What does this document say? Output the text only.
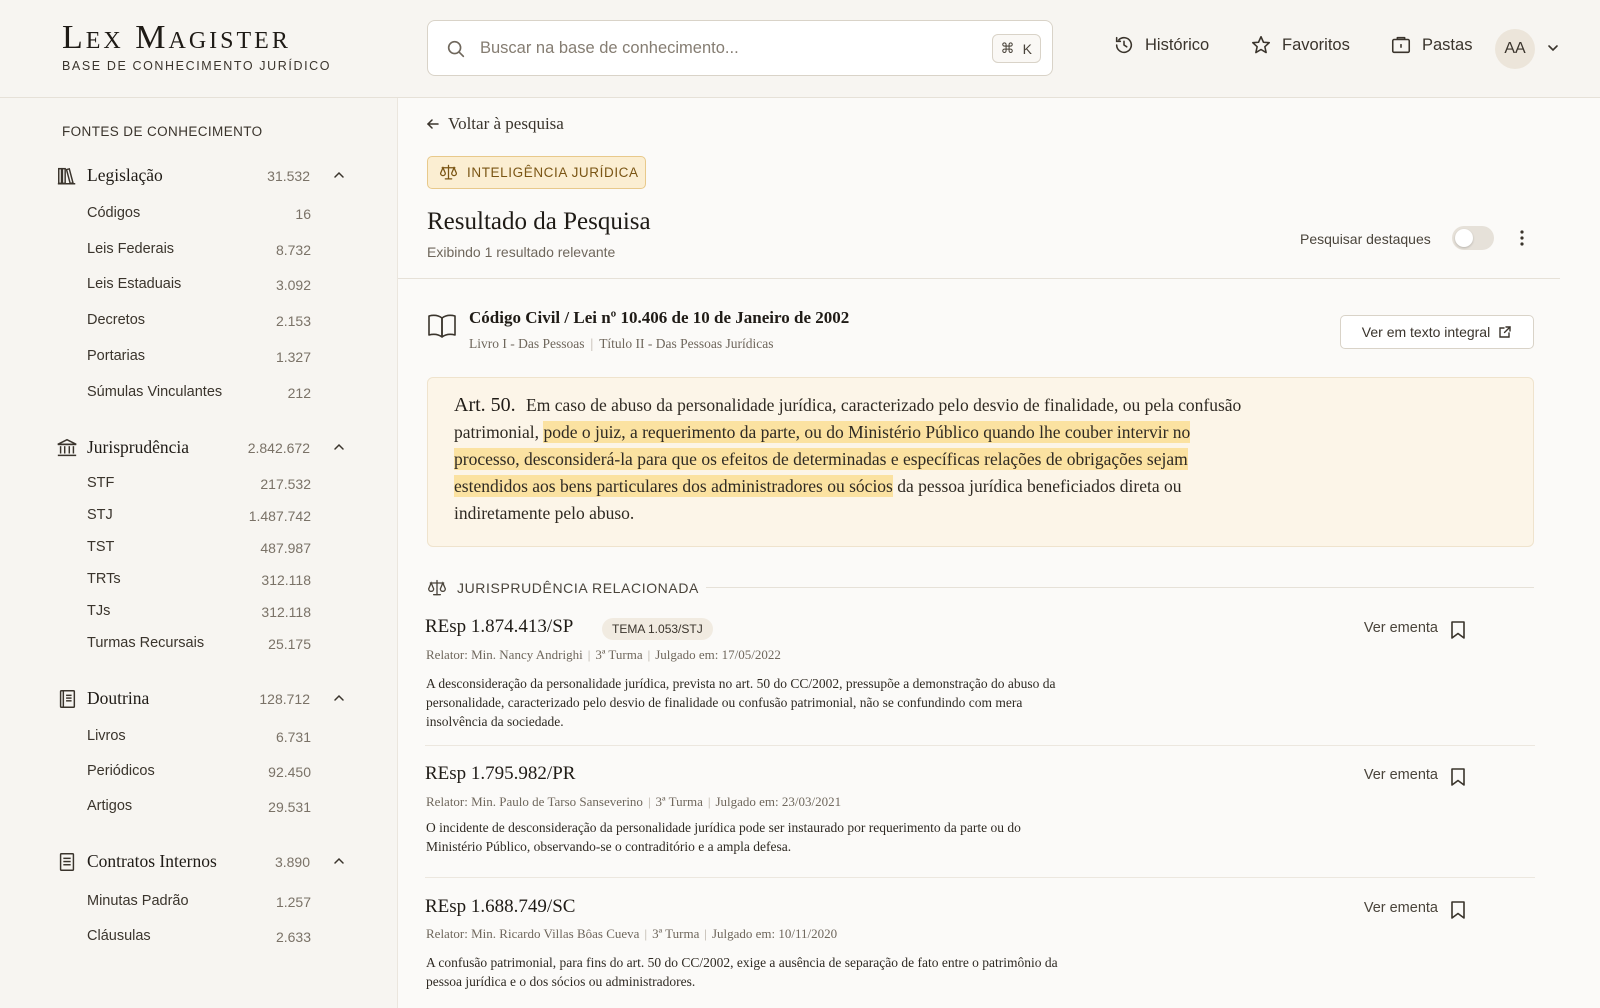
Lex Magister
BASE DE CONHECIMENTO JURÍDICO
Buscar na base de conhecimento...
⌘ K	Histórico	Favoritos	Pastas AA
FONTES DE CONHECIMENTO
Legislação	31.532
Códigos	16
Leis Federais	8.732
Leis Estaduais	3.092
Decretos	2.153
Portarias	1.327
Súmulas Vinculantes	212
Jurisprudência	2.842.672
STF	217.532
STJ	1.487.742
TST	487.987
TRTs	312.118
TJs	312.118
Turmas Recursais	25.175
Doutrina	128.712
Livros	6.731
Periódicos	92.450
Artigos	29.531
Contratos Internos	3.890
Minutas Padrão	1.257
Cláusulas	2.633
Voltar à pesquisa
INTELIGÊNCIA JURÍDICA
Resultado da Pesquisa
Exibindo 1 resultado relevante
Pesquisar destaques
Código Civil / Lei nº 10.406 de 10 de Janeiro de 2002
Livro I - Das Pessoas | Título II - Das Pessoas Jurídicas
Ver em texto integral
Art. 50. Em caso de abuso da personalidade jurídica, caracterizado pelo desvio de finalidade, ou pela confusão patrimonial, pode o juiz, a requerimento da parte, ou do Ministério Público quando lhe couber intervir no processo, desconsiderá-la para que os efeitos de determinadas e específicas relações de obrigações sejam estendidos aos bens particulares dos administradores ou sócios da pessoa jurídica beneficiados direta ou indiretamente pelo abuso.
JURISPRUDÊNCIA RELACIONADA
REsp 1.874.413/SP	TEMA 1.053/STJ
Relator: Min. Nancy Andrighi | 3ª Turma | Julgado em: 17/05/2022
A desconsideração da personalidade jurídica, prevista no art. 50 do CC/2002, pressupõe a demonstração do abuso da personalidade, caracterizado pelo desvio de finalidade ou confusão patrimonial, não se confundindo com mera insolvência da sociedade.
Ver ementa
REsp 1.795.982/PR
Relator: Min. Paulo de Tarso Sanseverino | 3ª Turma | Julgado em: 23/03/2021
O incidente de desconsideração da personalidade jurídica pode ser instaurado por requerimento da parte ou do Ministério Público, observando-se o contraditório e a ampla defesa.
Ver ementa
REsp 1.688.749/SC
Relator: Min. Ricardo Villas Bôas Cueva | 3ª Turma | Julgado em: 10/11/2020
A confusão patrimonial, para fins do art. 50 do CC/2002, exige a ausência de separação de fato entre o patrimônio da pessoa jurídica e o dos sócios ou administradores.
Ver ementa
